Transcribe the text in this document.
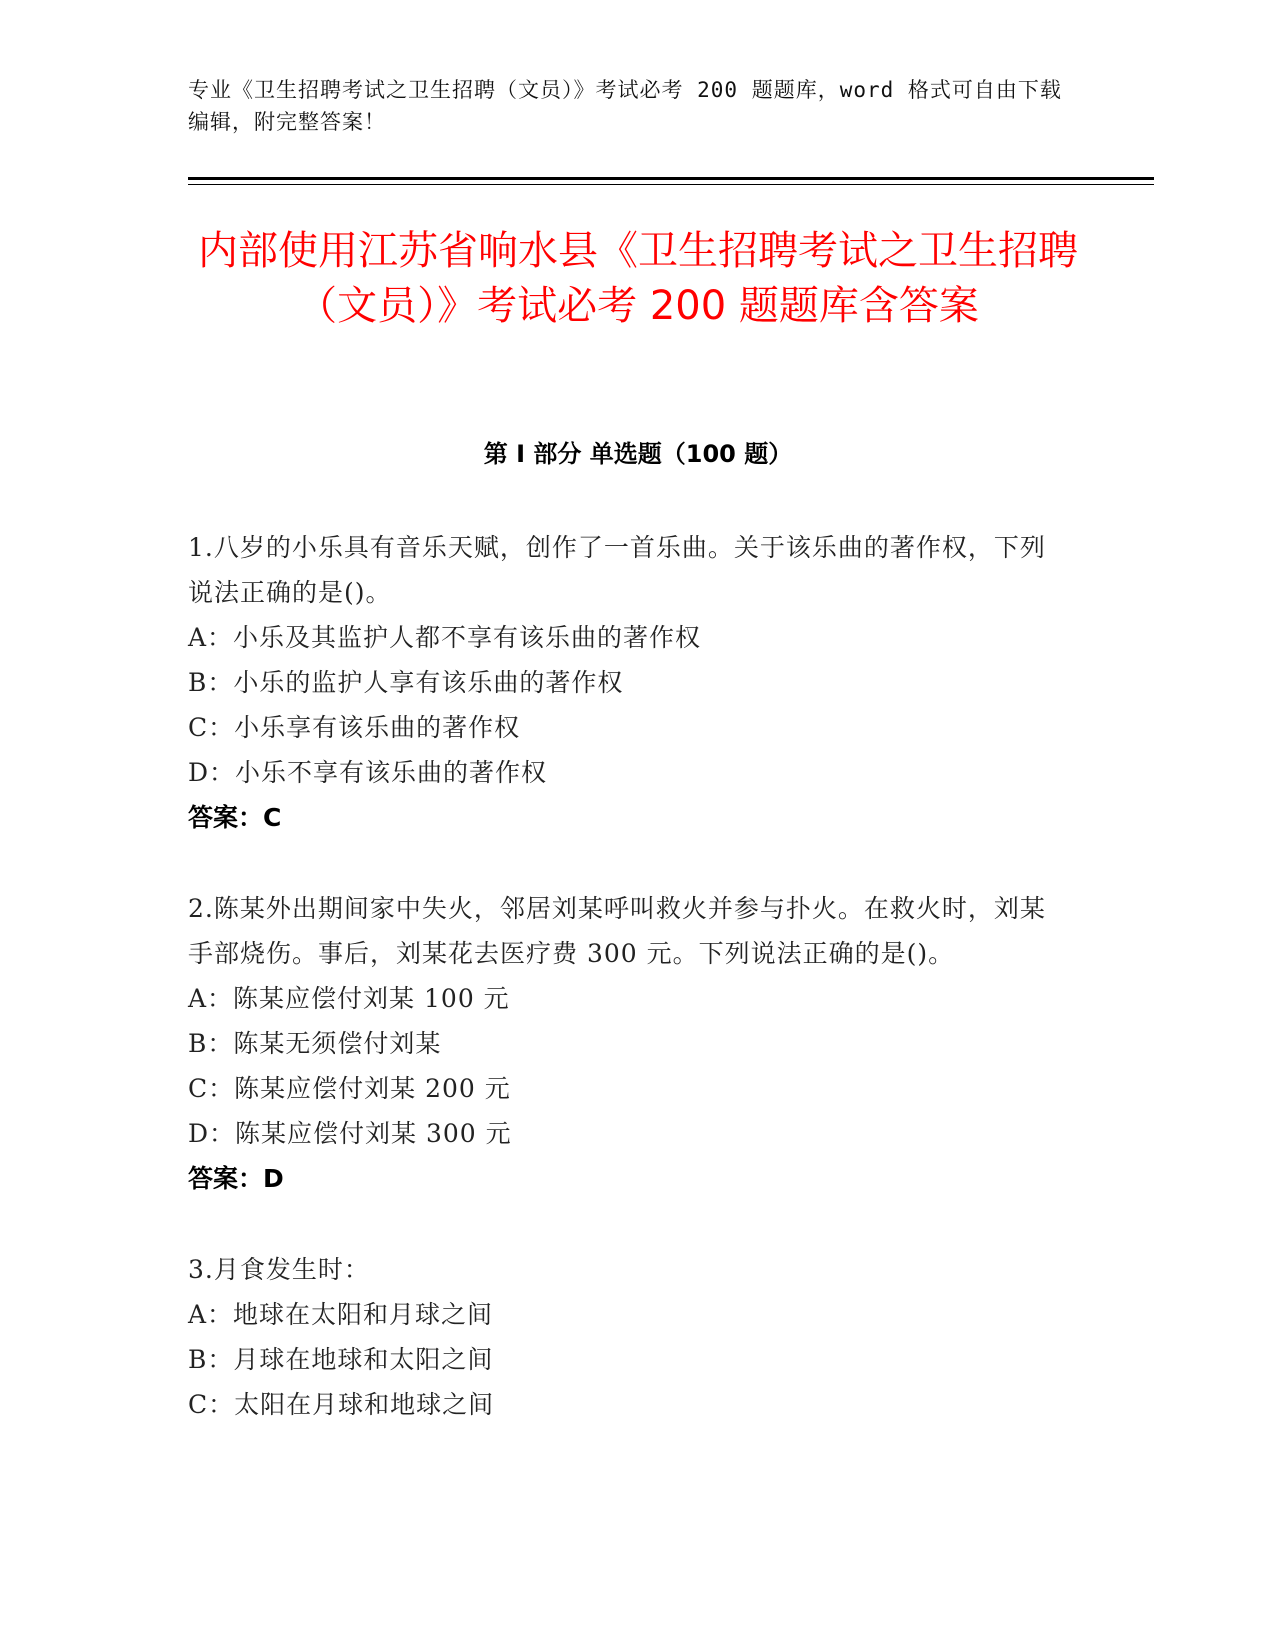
专业《卫生招聘考试之卫生招聘（文员）》考试必考 200 题题库，word 格式可自由下载编辑，附完整答案！
内部使用江苏省响水县《卫生招聘考试之卫生招聘（文员）》考试必考 200 题题库含答案
第 I 部分 单选题（100 题）

1.八岁的小乐具有音乐天赋，创作了一首乐曲。关于该乐曲的著作权，下列说法正确的是()。

A：小乐及其监护人都不享有该乐曲的著作权

B：小乐的监护人享有该乐曲的著作权

C：小乐享有该乐曲的著作权

D：小乐不享有该乐曲的著作权

答案：C

2.陈某外出期间家中失火，邻居刘某呼叫救火并参与扑火。在救火时，刘某手部烧伤。事后，刘某花去医疗费 300 元。下列说法正确的是()。

A：陈某应偿付刘某 100 元

B：陈某无须偿付刘某

C：陈某应偿付刘某 200 元

D：陈某应偿付刘某 300 元

答案：D

3.月食发生时：

A：地球在太阳和月球之间

B：月球在地球和太阳之间

C：太阳在月球和地球之间
